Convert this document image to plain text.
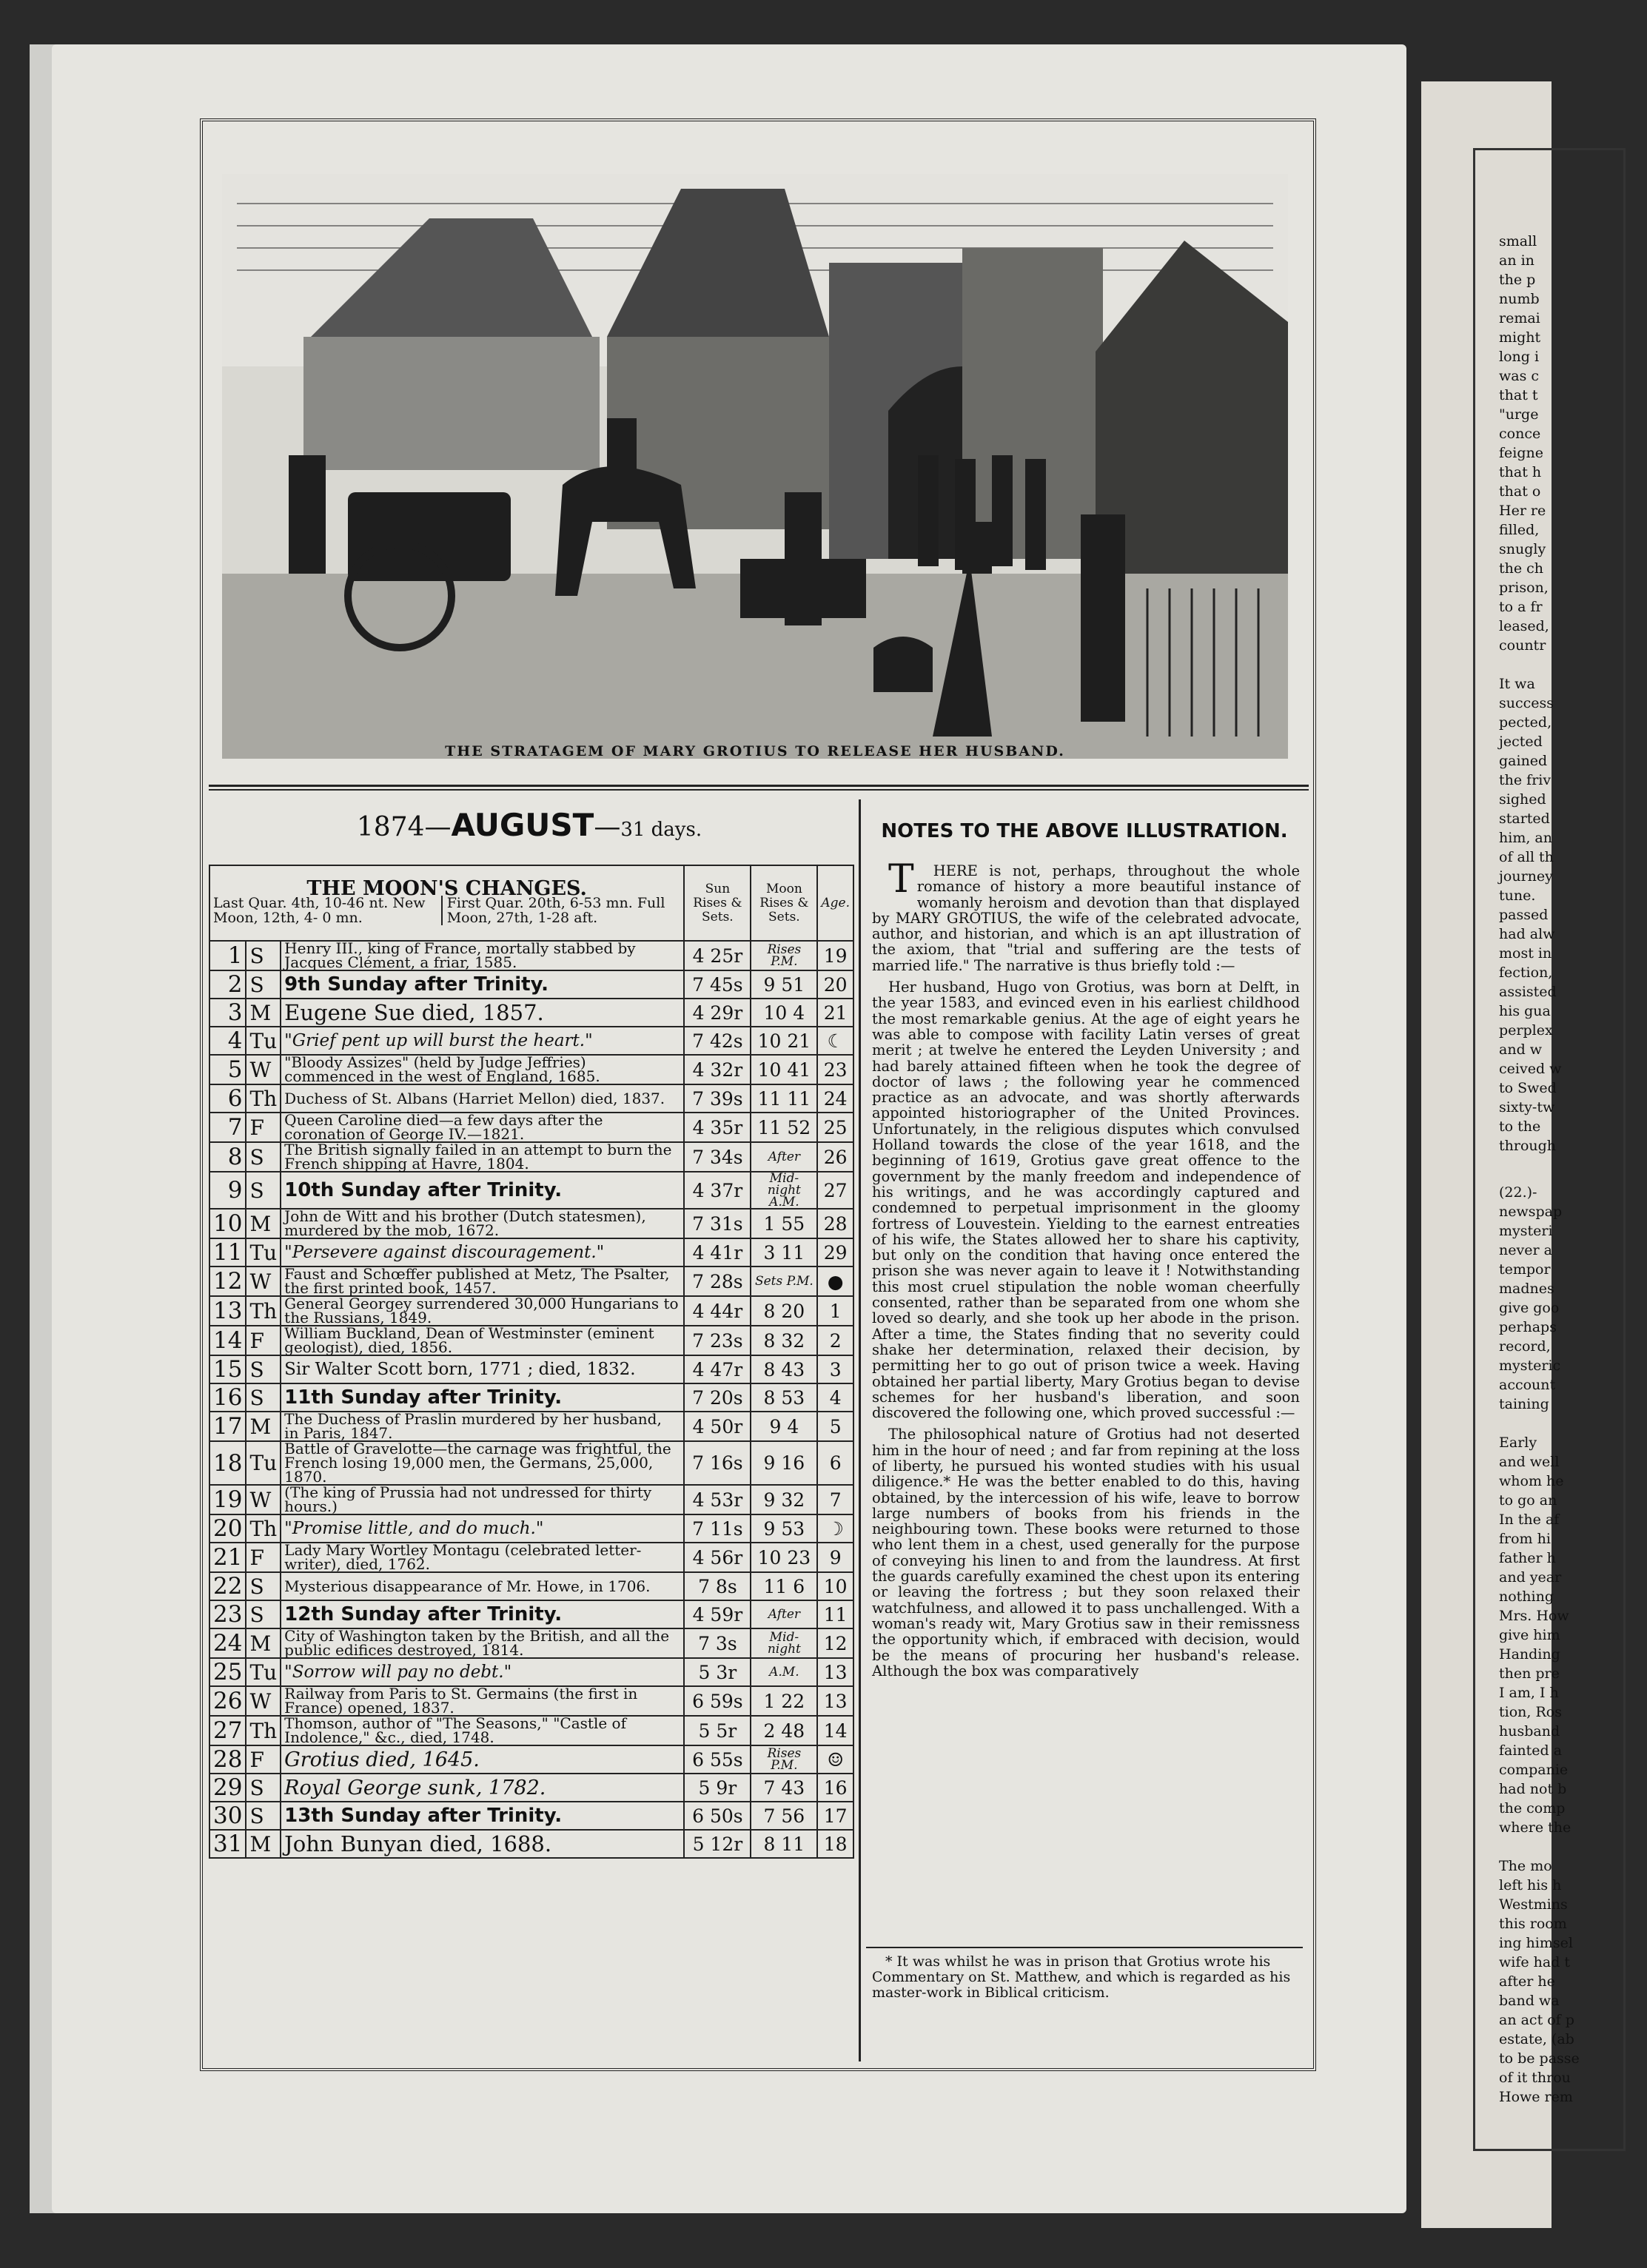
small
an in
the p
numb
remai
might
long i
was c
that t
"urge
conce
feigne
that h
that o
Her re
filled,
snugly
the ch
prison,
to a fr
leased,
countr
It wa
success
pected,
jected
gained
the friv
sighed
started
him, an
of all th
journey
tune.
passed
had alw
most in
fection,
assisted
his gua
perplex
and w
ceived w
to Swed
sixty-tw
to the
through
(22.)-
newspap
mysteri
never a
tempor
madnes
give goo
perhaps
record,
mysteric
account
taining
Early
and well
whom he
to go an
In the af
from hi
father h
and year
nothing
Mrs. How
give him
Handing
then pre
I am, I h
tion, Ros
husband
fainted a
companie
had not b
the comp
where the
The mo
left his h
Westmins
this room
ing himsel
wife had t
after he
band wa
an act of p
estate, (ab
to be passe
of it throu
Howe rem
THE STRATAGEM OF MARY GROTIUS TO RELEASE HER HUSBAND.
1874—AUGUST—31 days.
THE MOON'S CHANGES.
Last Quar. 4th, 10-46 nt. New Moon, 12th, 4- 0 mn.
First Quar. 20th, 6-53 mn. Full Moon, 27th, 1-28 aft.			Sun Rises & Sets.	Moon Rises & Sets.	Age.
1	S	Henry III., king of France, mortally stabbed by Jacques Clément, a friar, 1585.	4 25r	Rises P.M.	19
2	S	9th Sunday after Trinity.	7 45s	9 51	20
3	M	Eugene Sue died, 1857.	4 29r	10 4	21
4	Tu	"Grief pent up will burst the heart."	7 42s	10 21	☾
5	W	"Bloody Assizes" (held by Judge Jeffries) commenced in the west of England, 1685.	4 32r	10 41	23
6	Th	Duchess of St. Albans (Harriet Mellon) died, 1837.	7 39s	11 11	24
7	F	Queen Caroline died—a few days after the coronation of George IV.—1821.	4 35r	11 52	25
8	S	The British signally failed in an attempt to burn the French shipping at Havre, 1804.	7 34s	After	26
9	S	10th Sunday after Trinity.	4 37r	Mid- night A.M.	27
10	M	John de Witt and his brother (Dutch statesmen), murdered by the mob, 1672.	7 31s	1 55	28
11	Tu	"Persevere against discouragement."	4 41r	3 11	29
12	W	Faust and Schœffer published at Metz, The Psalter, the first printed book, 1457.	7 28s	Sets P.M.	●
13	Th	General Georgey surrendered 30,000 Hungarians to the Russians, 1849.	4 44r	8 20	1
14	F	William Buckland, Dean of Westminster (eminent geologist), died, 1856.	7 23s	8 32	2
15	S	Sir Walter Scott born, 1771 ; died, 1832.	4 47r	8 43	3
16	S	11th Sunday after Trinity.	7 20s	8 53	4
17	M	The Duchess of Praslin murdered by her husband, in Paris, 1847.	4 50r	9 4	5
18	Tu	Battle of Gravelotte—the carnage was frightful, the French losing 19,000 men, the Germans, 25,000, 1870.	7 16s	9 16	6
19	W	(The king of Prussia had not undressed for thirty hours.)	4 53r	9 32	7
20	Th	"Promise little, and do much."	7 11s	9 53	☽
21	F	Lady Mary Wortley Montagu (celebrated letter-writer), died, 1762.	4 56r	10 23	9
22	S	Mysterious disappearance of Mr. Howe, in 1706.	7 8s	11 6	10
23	S	12th Sunday after Trinity.	4 59r	After	11
24	M	City of Washington taken by the British, and all the public edifices destroyed, 1814.	7 3s	Mid- night	12
25	Tu	"Sorrow will pay no debt."	5 3r	A.M.	13
26	W	Railway from Paris to St. Germains (the first in France) opened, 1837.	6 59s	1 22	13
27	Th	Thomson, author of "The Seasons," "Castle of Indolence," &c., died, 1748.	5 5r	2 48	14
28	F	Grotius died, 1645.	6 55s	Rises P.M.	☺
29	S	Royal George sunk, 1782.	5 9r	7 43	16
30	S	13th Sunday after Trinity.	6 50s	7 56	17
31	M	John Bunyan died, 1688.	5 12r	8 11	18
NOTES TO THE ABOVE ILLUSTRATION.

THERE is not, perhaps, throughout the whole romance of history a more beautiful instance of womanly heroism and devotion than that displayed by MARY GROTIUS, the wife of the celebrated advocate, author, and historian, and which is an apt illustration of the axiom, that "trial and suffering are the tests of married life." The narrative is thus briefly told :—

Her husband, Hugo von Grotius, was born at Delft, in the year 1583, and evinced even in his earliest childhood the most remarkable genius. At the age of eight years he was able to compose with facility Latin verses of great merit ; at twelve he entered the Leyden University ; and had barely attained fifteen when he took the degree of doctor of laws ; the following year he commenced practice as an advocate, and was shortly afterwards appointed historiographer of the United Provinces. Unfortunately, in the religious disputes which convulsed Holland towards the close of the year 1618, and the beginning of 1619, Grotius gave great offence to the government by the manly freedom and independence of his writings, and he was accordingly captured and condemned to perpetual imprisonment in the gloomy fortress of Louvestein. Yielding to the earnest entreaties of his wife, the States allowed her to share his captivity, but only on the condition that having once entered the prison she was never again to leave it ! Notwithstanding this most cruel stipulation the noble woman cheerfully consented, rather than be separated from one whom she loved so dearly, and she took up her abode in the prison. After a time, the States finding that no severity could shake her determination, relaxed their decision, by permitting her to go out of prison twice a week. Having obtained her partial liberty, Mary Grotius began to devise schemes for her husband's liberation, and soon discovered the following one, which proved successful :—

The philosophical nature of Grotius had not deserted him in the hour of need ; and far from repining at the loss of liberty, he pursued his wonted studies with his usual diligence.* He was the better enabled to do this, having obtained, by the intercession of his wife, leave to borrow large numbers of books from his friends in the neighbouring town. These books were returned to those who lent them in a chest, used generally for the purpose of conveying his linen to and from the laundress. At first the guards carefully examined the chest upon its entering or leaving the fortress ; but they soon relaxed their watchfulness, and allowed it to pass unchallenged. With a woman's ready wit, Mary Grotius saw in their remissness the opportunity which, if embraced with decision, would be the means of procuring her husband's release. Although the box was comparatively

* It was whilst he was in prison that Grotius wrote his Commentary on St. Matthew, and which is regarded as his master-work in Biblical criticism.
